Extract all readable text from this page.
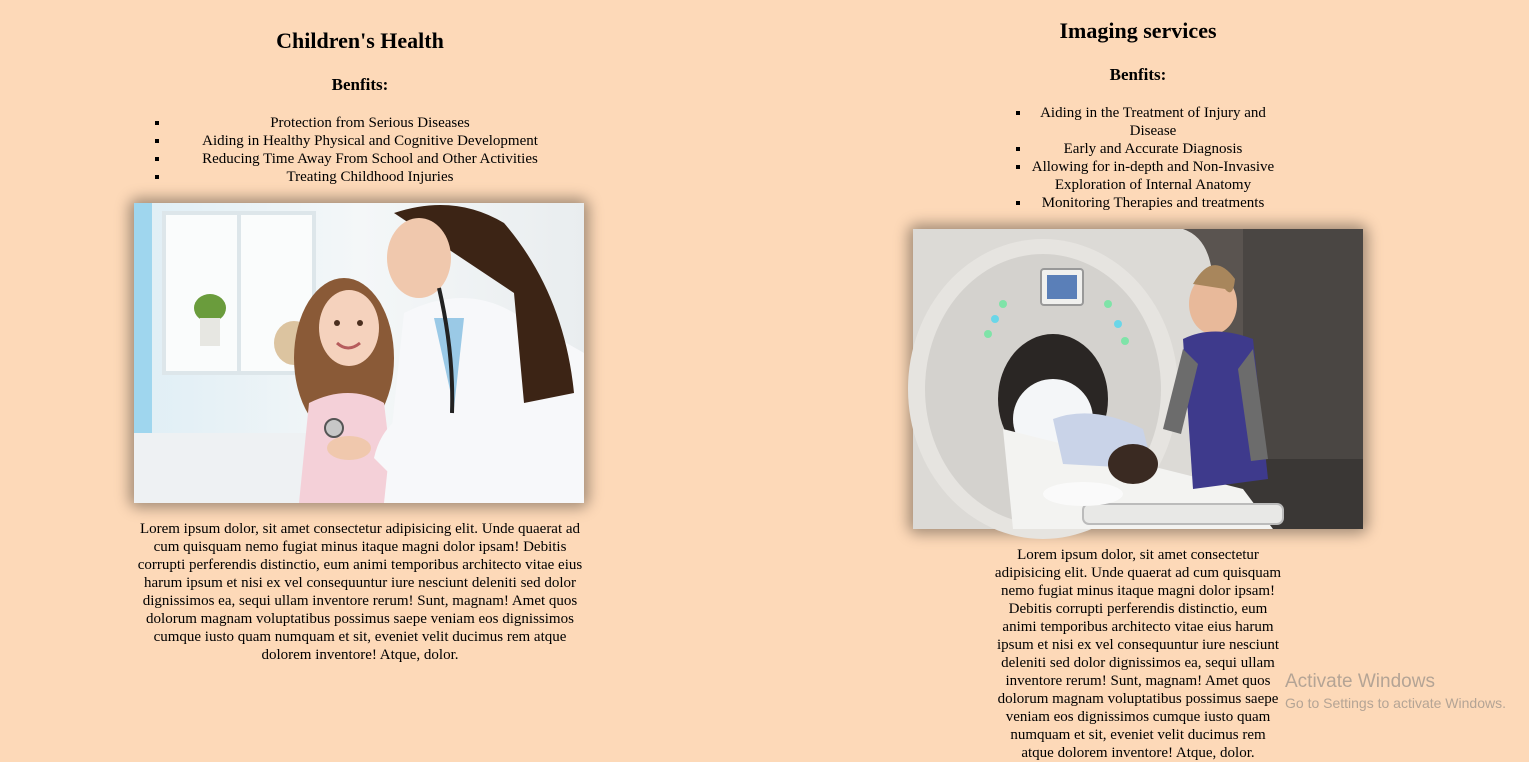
Children's Health
Benfits:
▪ Protection from Serious Diseases
▪ Aiding in Healthy Physical and Cognitive Development
▪ Reducing Time Away From School and Other Activities
▪ Treating Childhood Injuries

Lorem ipsum dolor, sit amet consectetur adipisicing elit. Unde quaerat ad cum quisquam nemo fugiat minus itaque magni dolor ipsam! Debitis corrupti perferendis distinctio, eum animi temporibus architecto vitae eius harum ipsum et nisi ex vel consequuntur iure nesciunt deleniti sed dolor dignissimos ea, sequi ullam inventore rerum! Sunt, magnam! Amet quos dolorum magnam voluptatibus possimus saepe veniam eos dignissimos cumque iusto quam numquam et sit, eveniet velit ducimus rem atque dolorem inventore! Atque, dolor.

Imaging services
Benfits:
▪ Aiding in the Treatment of Injury and Disease
▪ Early and Accurate Diagnosis
▪ Allowing for in-depth and Non-Invasive Exploration of Internal Anatomy
▪ Monitoring Therapies and treatments

Lorem ipsum dolor, sit amet consectetur adipisicing elit. Unde quaerat ad cum quisquam nemo fugiat minus itaque magni dolor ipsam! Debitis corrupti perferendis distinctio, eum animi temporibus architecto vitae eius harum ipsum et nisi ex vel consequuntur iure nesciunt deleniti sed dolor dignissimos ea, sequi ullam inventore rerum! Sunt, magnam! Amet quos dolorum magnam voluptatibus possimus saepe veniam eos dignissimos cumque iusto quam numquam et sit, eveniet velit ducimus rem atque dolorem inventore! Atque, dolor.

Activate Windows
Go to Settings to activate Windows.
